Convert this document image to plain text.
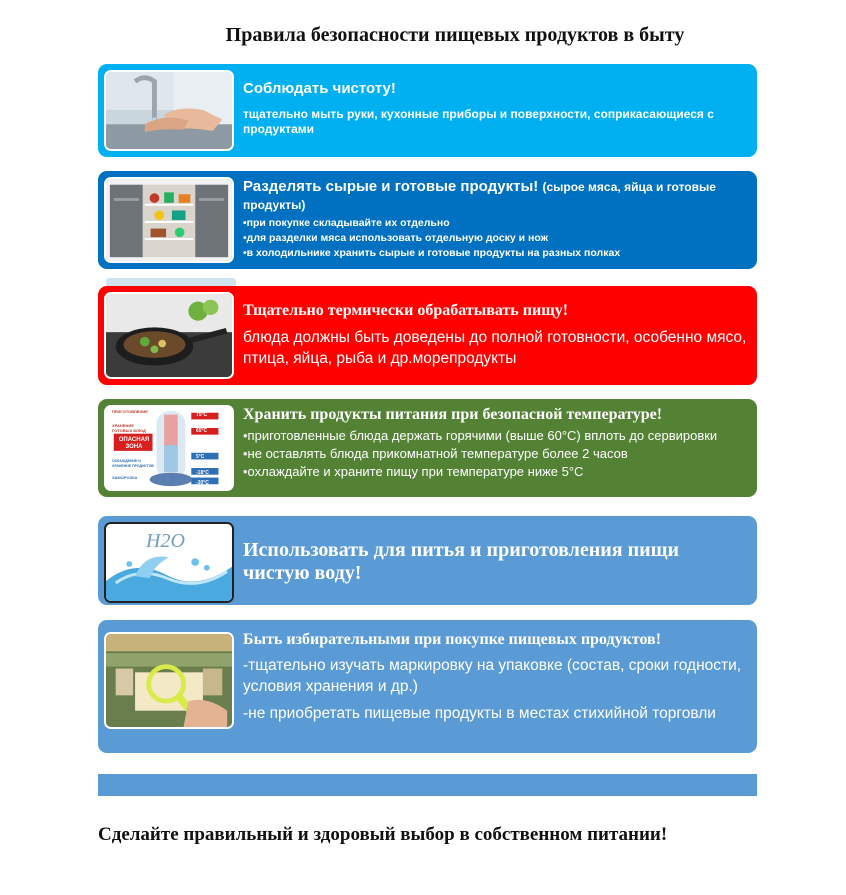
Правила безопасности пищевых продуктов в быту
Соблюдать чистоту!
тщательно мыть руки, кухонные приборы и поверхности, соприкасающиеся с продуктами
Разделять сырые и готовые продукты! (сырое мяса, яйца и готовые продукты)
•при покупке складывайте их отдельно
•для разделки мяса использовать отдельную доску и нож
•в холодильнике хранить сырые и готовые продукты на разных полках
Тщательно термически обрабатывать пищу!
блюда должны быть доведены до полной готовности, особенно мясо, птица, яйца, рыба и др.морепродукты
ПРИГОТОВЛЕНИЕ
ХРАНЕНИЕ ГОТОВЫХ БЛЮД
ОПАСНАЯ ЗОНА
ОХЛАЖДЕНИЕ И ХРАНЕНИЕ ПРОДУКТОВ
ЗАМОРОЗКА
75°С
65°С
5°С
-18°С
-30°С
Хранить продукты питания при безопасной температуре!
•приготовленные блюда держать горячими (выше 60°С) вплоть до сервировки
•не оставлять блюда прикомнатной температуре более 2 часов
•охлаждайте и храните пищу при температуре ниже 5°С
H2O	Использовать для питья и приготовления пищи чистую воду!
Быть избирательными при покупке пищевых продуктов!
-тщательно изучать маркировку на упаковке (состав, сроки годности, условия хранения и др.)
-не приобретать пищевые продукты в местах стихийной торговли
Сделайте правильный и здоровый выбор в собственном питании!
